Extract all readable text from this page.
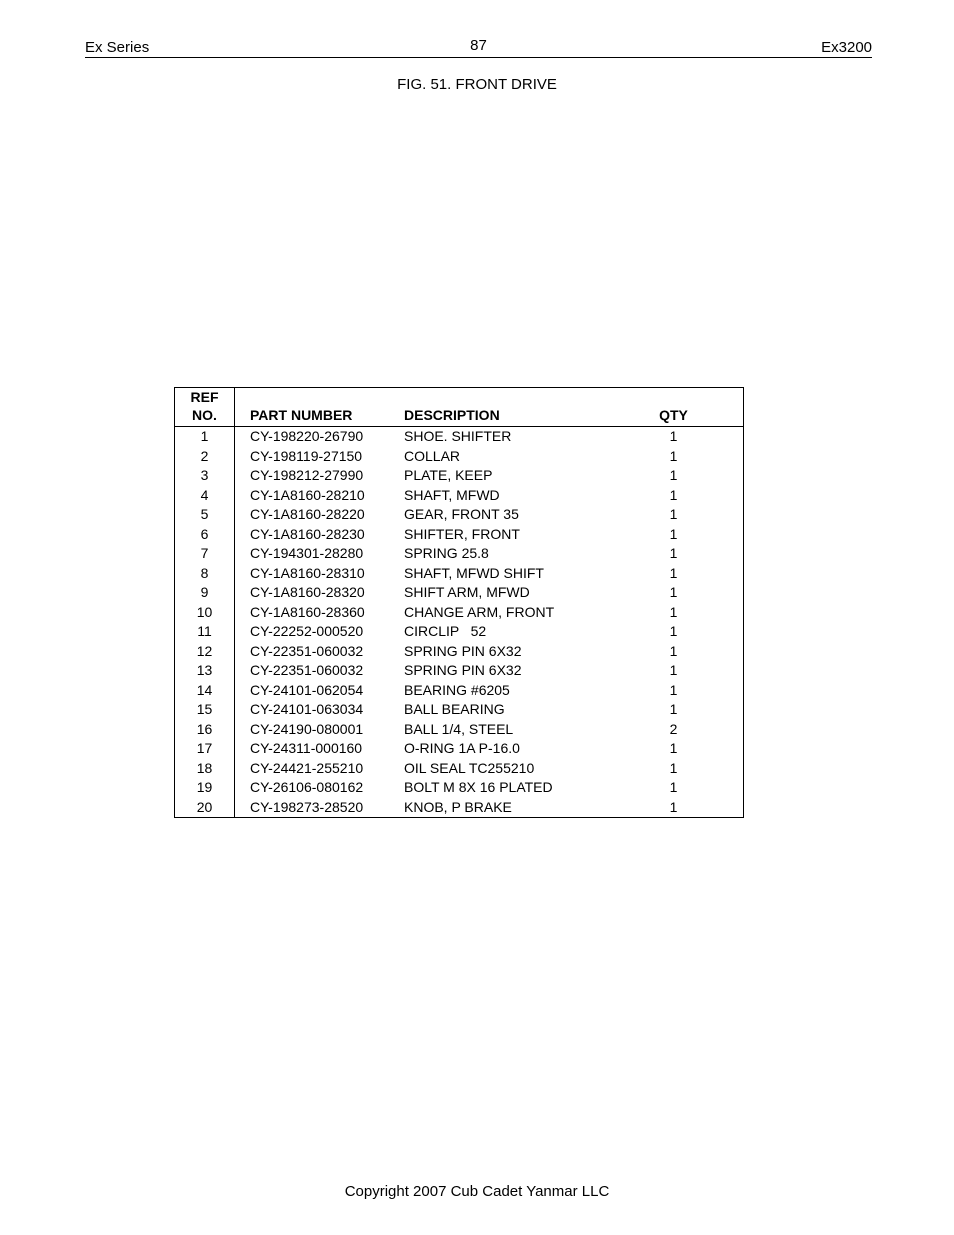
Ex Series	87	Ex3200
FIG. 51. FRONT DRIVE
REF
NO.	PART NUMBER	DESCRIPTION	QTY
1	CY-198220-26790	SHOE. SHIFTER	1
2	CY-198119-27150	COLLAR	1
3	CY-198212-27990	PLATE, KEEP	1
4	CY-1A8160-28210	SHAFT, MFWD	1
5	CY-1A8160-28220	GEAR, FRONT 35	1
6	CY-1A8160-28230	SHIFTER, FRONT	1
7	CY-194301-28280	SPRING 25.8	1
8	CY-1A8160-28310	SHAFT, MFWD SHIFT	1
9	CY-1A8160-28320	SHIFT ARM, MFWD	1
10	CY-1A8160-28360	CHANGE ARM, FRONT	1
11	CY-22252-000520	CIRCLIP   52	1
12	CY-22351-060032	SPRING PIN 6X32	1
13	CY-22351-060032	SPRING PIN 6X32	1
14	CY-24101-062054	BEARING #6205	1
15	CY-24101-063034	BALL BEARING	1
16	CY-24190-080001	BALL 1/4, STEEL	2
17	CY-24311-000160	O-RING 1A P-16.0	1
18	CY-24421-255210	OIL SEAL TC255210	1
19	CY-26106-080162	BOLT M 8X 16 PLATED	1
20	CY-198273-28520	KNOB, P BRAKE	1
Copyright 2007 Cub Cadet Yanmar LLC
